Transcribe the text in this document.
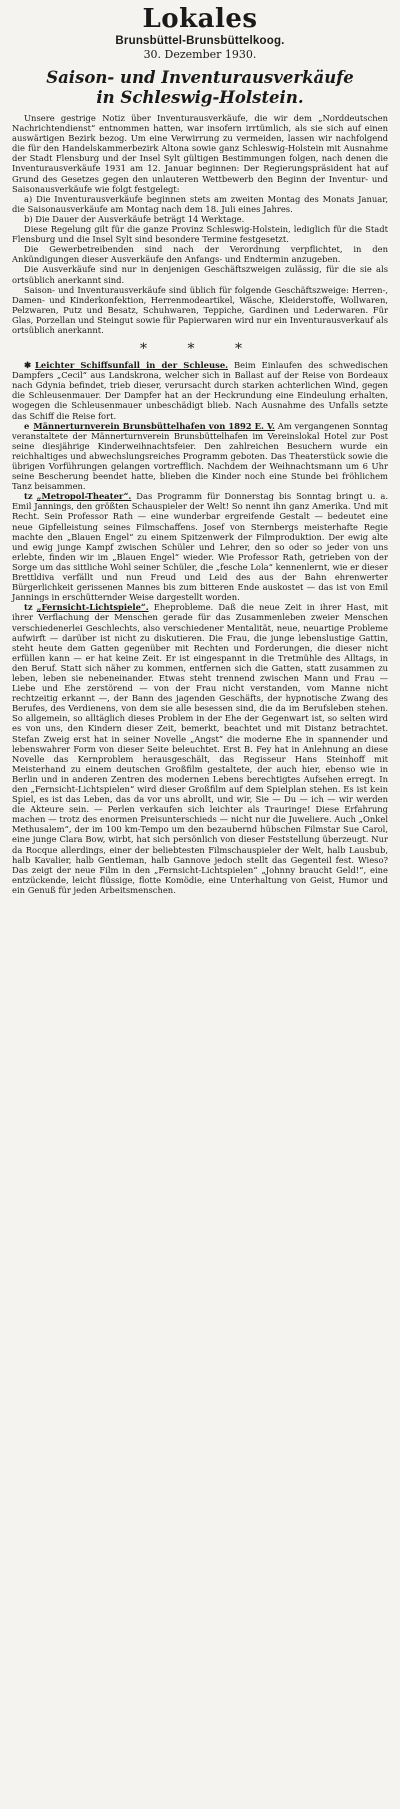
Lokales
Brunsbüttel-Brunsbüttelkoog.
30. Dezember 1930.
Saison- und Inventurausverkäufe
in Schleswig-Holstein.

Unsere gestrige Notiz über Inventurausverkäufe, die wir dem „Norddeutschen Nachrichtendienst“ entnommen hatten, war insofern irrtümlich, als sie sich auf einen auswärtigen Bezirk bezog. Um eine Verwirrung zu vermeiden, lassen wir nachfolgend die für den Handelskammerbezirk Altona sowie ganz Schleswig-Holstein mit Ausnahme der Stadt Flensburg und der Insel Sylt gültigen Bestimmungen folgen, nach denen die Inventurausverkäufe 1931 am 12. Januar beginnen: Der Regierungspräsident hat auf Grund des Gesetzes gegen den unlauteren Wettbewerb den Beginn der Inventur- und Saisonausverkäufe wie folgt festgelegt:

a) Die Inventurausverkäufe beginnen stets am zweiten Montag des Monats Januar, die Saisonausverkäufe am Montag nach dem 18. Juli eines Jahres.

b) Die Dauer der Ausverkäufe beträgt 14 Werktage.

Diese Regelung gilt für die ganze Provinz Schleswig-Holstein, lediglich für die Stadt Flensburg und die Insel Sylt sind besondere Termine festgesetzt.

Die Gewerbetreibenden sind nach der Verordnung verpflichtet, in den Ankündigungen dieser Ausverkäufe den Anfangs- und Endtermin anzugeben.

Die Ausverkäufe sind nur in denjenigen Geschäftszweigen zulässig, für die sie als ortsüblich anerkannt sind.

Saison- und Inventurausverkäufe sind üblich für folgende Geschäftszweige: Herren-, Damen- und Kinderkonfektion, Herrenmodeartikel, Wäsche, Kleiderstoffe, Wollwaren, Pelzwaren, Putz und Besatz, Schuhwaren, Teppiche, Gardinen und Lederwaren. Für Glas, Porzellan und Steingut sowie für Papierwaren wird nur ein Inventurausverkauf als ortsüblich anerkannt.

* * *

✱ Leichter Schiffsunfall in der Schleuse. Beim Einlaufen des schwedischen Dampfers „Cecil“ aus Landskrona, welcher sich in Ballast auf der Reise von Bordeaux nach Gdynia befindet, trieb dieser, verursacht durch starken achterlichen Wind, gegen die Schleusenmauer. Der Dampfer hat an der Heckrundung eine Eindeulung erhalten, wogegen die Schleusenmauer unbeschädigt blieb. Nach Ausnahme des Unfalls setzte das Schiff die Reise fort.

e Männerturnverein Brunsbüttelhafen von 1892 E. V. Am vergangenen Sonntag veranstaltete der Männerturnverein Brunsbüttelhafen im Vereinslokal Hotel zur Post seine diesjährige Kinderweihnachtsfeier. Den zahlreichen Besuchern wurde ein reichhaltiges und abwechslungsreiches Programm geboten. Das Theaterstück sowie die übrigen Vorführungen gelangen vortrefflich. Nachdem der Weihnachtsmann um 6 Uhr seine Bescherung beendet hatte, blieben die Kinder noch eine Stunde bei fröhlichem Tanz beisammen.

tz „Metropol-Theater“. Das Programm für Donnerstag bis Sonntag bringt u. a. Emil Jannings, den größten Schauspieler der Welt! So nennt ihn ganz Amerika. Und mit Recht. Sein Professor Rath — eine wunderbar ergreifende Gestalt — bedeutet eine neue Gipfelleistung seines Filmschaffens. Josef von Sternbergs meisterhafte Regie machte den „Blauen Engel“ zu einem Spitzenwerk der Filmproduktion. Der ewig alte und ewig junge Kampf zwischen Schüler und Lehrer, den so oder so jeder von uns erlebte, finden wir im „Blauen Engel“ wieder. Wie Professor Rath, getrieben von der Sorge um das sittliche Wohl seiner Schüler, die „fesche Lola“ kennenlernt, wie er dieser Brettldiva verfällt und nun Freud und Leid des aus der Bahn ehrenwerter Bürgerlichkeit gerissenen Mannes bis zum bitteren Ende auskostet — das ist von Emil Jannings in erschütternder Weise dargestellt worden.

tz „Fernsicht-Lichtspiele“. Eheprobleme. Daß die neue Zeit in ihrer Hast, mit ihrer Verflachung der Menschen gerade für das Zusammenleben zweier Menschen verschiedenerlei Geschlechts, also verschiedener Mentalität, neue, neuartige Probleme aufwirft — darüber ist nicht zu diskutieren. Die Frau, die junge lebenslustige Gattin, steht heute dem Gatten gegenüber mit Rechten und Forderungen, die dieser nicht erfüllen kann — er hat keine Zeit. Er ist eingespannt in die Tretmühle des Alltags, in den Beruf. Statt sich näher zu kommen, entfernen sich die Gatten, statt zusammen zu leben, leben sie nebeneinander. Etwas steht trennend zwischen Mann und Frau — Liebe und Ehe zerstörend — von der Frau nicht verstanden, vom Manne nicht rechtzeitig erkannt —, der Bann des jagenden Geschäfts, der hypnotische Zwang des Berufes, des Verdienens, von dem sie alle besessen sind, die da im Berufsleben stehen. So allgemein, so alltäglich dieses Problem in der Ehe der Gegenwart ist, so selten wird es von uns, den Kindern dieser Zeit, bemerkt, beachtet und mit Distanz betrachtet. Stefan Zweig erst hat in seiner Novelle „Angst“ die moderne Ehe in spannender und lebenswahrer Form von dieser Seite beleuchtet. Erst B. Fey hat in Anlehnung an diese Novelle das Kernproblem herausgeschält, das Regisseur Hans Steinhoff mit Meisterhand zu einem deutschen Großfilm gestaltete, der auch hier, ebenso wie in Berlin und in anderen Zentren des modernen Lebens berechtigtes Aufsehen erregt. In den „Fernsicht-Lichtspielen“ wird dieser Großfilm auf dem Spielplan stehen. Es ist kein Spiel, es ist das Leben, das da vor uns abrollt, und wir, Sie — Du — ich — wir werden die Akteure sein. — Perlen verkaufen sich leichter als Trauringe! Diese Erfahrung machen — trotz des enormen Preisunterschieds — nicht nur die Juweliere. Auch „Onkel Methusalem“, der im 100 km-Tempo um den bezaubernd hübschen Filmstar Sue Carol, eine junge Clara Bow, wirbt, hat sich persönlich von dieser Feststellung überzeugt. Nur da Rocque allerdings, einer der beliebtesten Filmschauspieler der Welt, halb Lausbub, halb Kavalier, halb Gentleman, halb Gannove jedoch stellt das Gegenteil fest. Wieso? Das zeigt der neue Film in den „Fernsicht-Lichtspielen“ „Johnny braucht Geld!“, eine entzückende, leicht flüssige, flotte Komödie, eine Unterhaltung von Geist, Humor und ein Genuß für jeden Arbeitsmenschen.
